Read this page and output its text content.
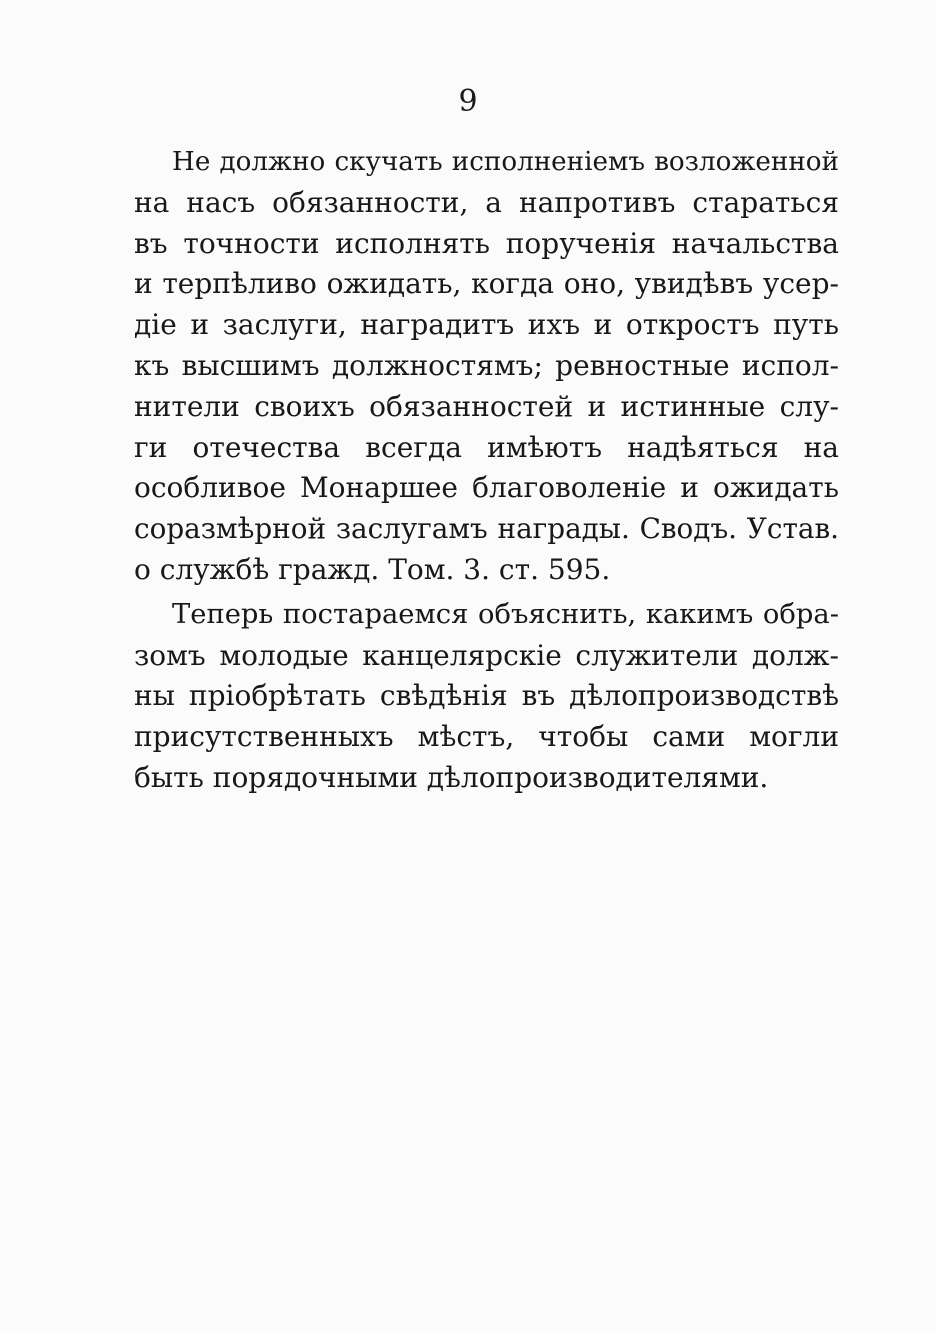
9
Не должно скучать исполненіемъ возложенной
на насъ обязанности, а напротивъ стараться
въ точности исполнять порученія начальства
и терпѣливо ожидать, когда оно, увидѣвъ усер-
діе и заслуги, наградитъ ихъ и откростъ путь
къ высшимъ должностямъ; ревностные испол-
нители своихъ обязанностей и истинные слу-
ги отечества всегда имѣютъ надѣяться на
особливое Монаршее благоволеніе и ожидать
соразмѣрной заслугамъ награды. Сводъ. Устав.
о службѣ гражд. Том. 3. ст. 595.
Теперь постараемся объяснить, какимъ обра-
зомъ молодые канцелярскіе служители долж-
ны пріобрѣтать свѣдѣнія въ дѣлопроизводствѣ
присутственныхъ мѣстъ, чтобы сами могли
быть порядочными дѣлопроизводителями.
